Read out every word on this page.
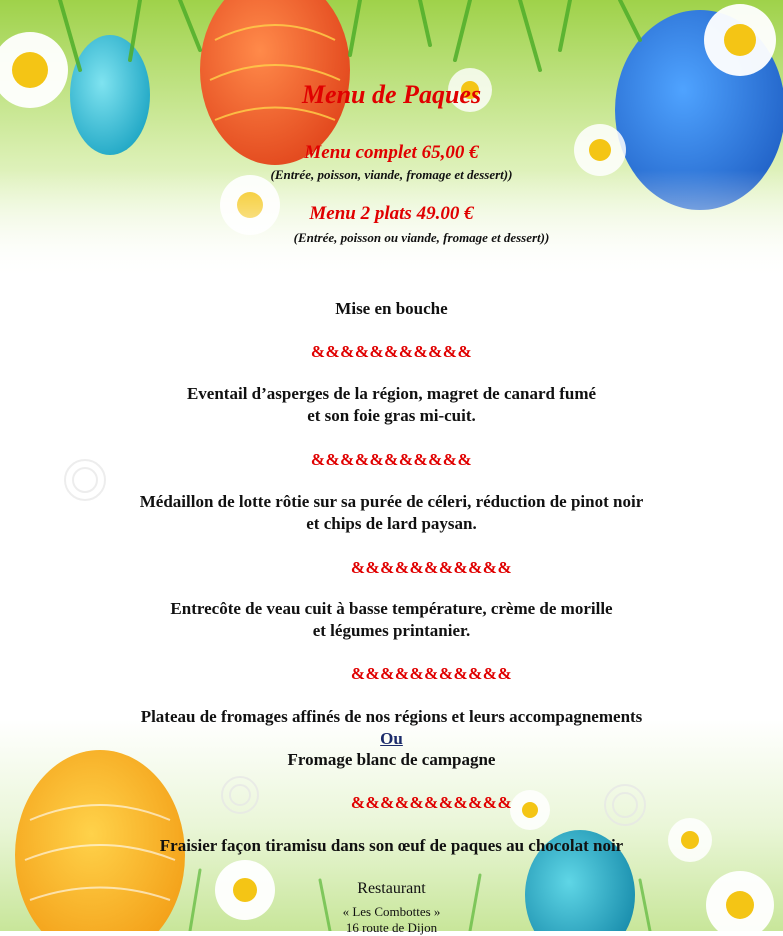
Menu de Paques
Menu complet 65,00 €
(Entrée, poisson, viande, fromage et dessert))
Menu 2 plats 49.00 €
(Entrée, poisson ou viande, fromage et dessert))
Mise en bouche
&&&&&&&&&&&
Eventail d’asperges de la région, magret de canard fumé
et son foie gras mi-cuit.
&&&&&&&&&&&
Médaillon de lotte rôtie sur sa purée de céleri, réduction de pinot noir
et chips de lard paysan.
&&&&&&&&&&&
Entrecôte de veau cuit à basse température, crème de morille
et légumes printanier.
&&&&&&&&&&&
Plateau de fromages affinés de nos régions et leurs accompagnements
Ou
Fromage blanc de campagne
&&&&&&&&&&&
Fraisier façon tiramisu dans son œuf de paques au chocolat noir
Restaurant
« Les Combottes »
16 route de Dijon
